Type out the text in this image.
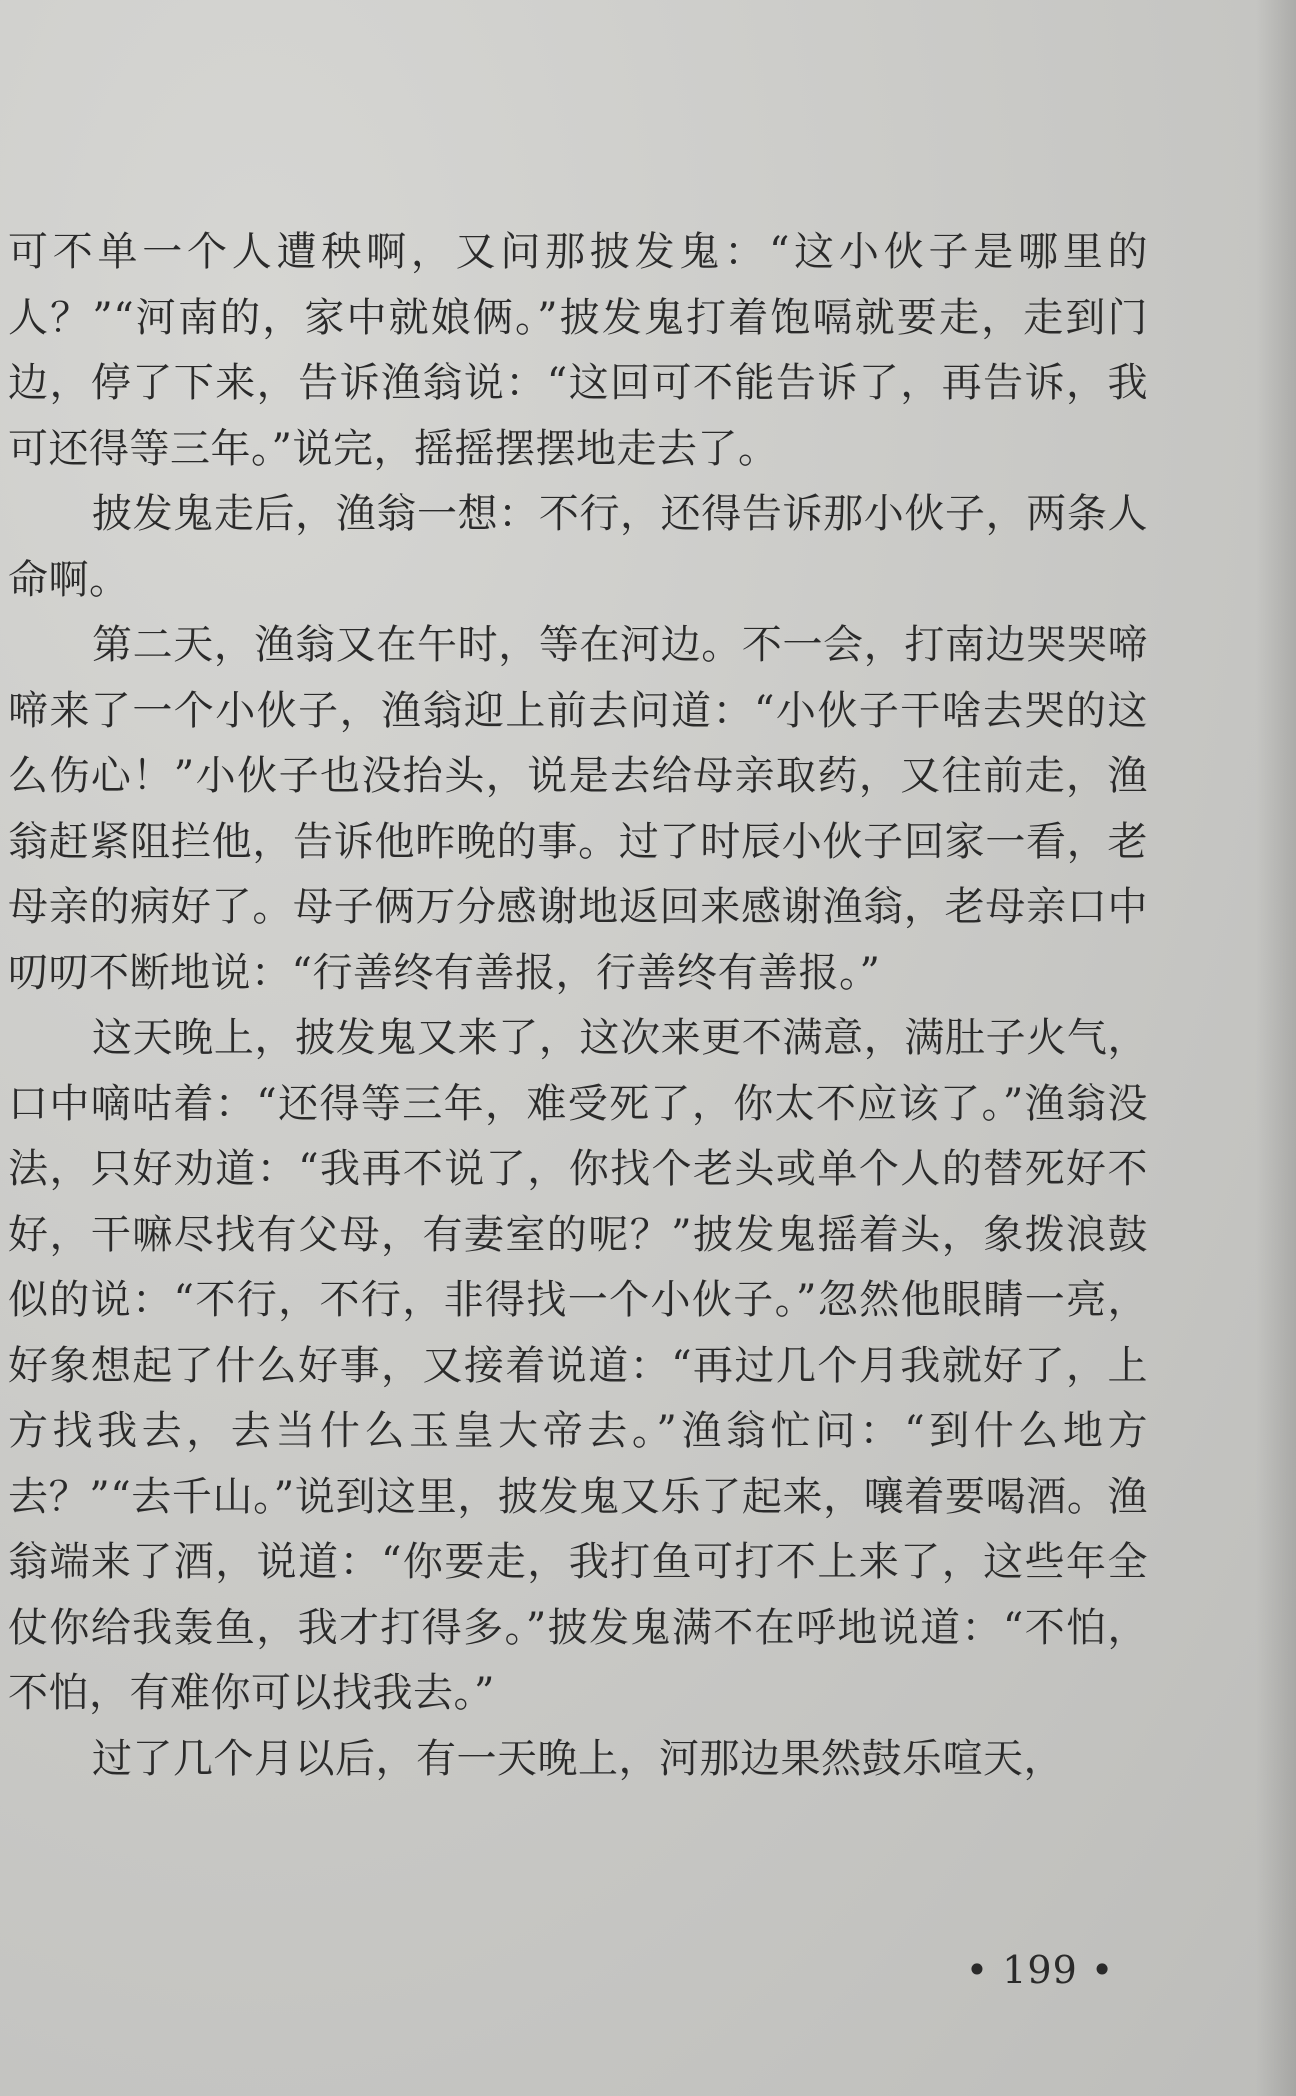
可不单一个人遭秧啊，又问那披发鬼：“这小伙子是哪里的人？”“河南的，家中就娘俩。”披发鬼打着饱嗝就要走，走到门边，停了下来，告诉渔翁说：“这回可不能告诉了，再告诉，我可还得等三年。”说完，摇摇摆摆地走去了。

披发鬼走后，渔翁一想：不行，还得告诉那小伙子，两条人命啊。

第二天，渔翁又在午时，等在河边。不一会，打南边哭哭啼啼来了一个小伙子，渔翁迎上前去问道：“小伙子干啥去哭的这么伤心！”小伙子也没抬头，说是去给母亲取药，又往前走，渔翁赶紧阻拦他，告诉他昨晚的事。过了时辰小伙子回家一看，老母亲的病好了。母子俩万分感谢地返回来感谢渔翁，老母亲口中叨叨不断地说：“行善终有善报，行善终有善报。”

这天晚上，披发鬼又来了，这次来更不满意，满肚子火气，口中嘀咕着：“还得等三年，难受死了，你太不应该了。”渔翁没法，只好劝道：“我再不说了，你找个老头或单个人的替死好不好，干嘛尽找有父母，有妻室的呢？”披发鬼摇着头，象拨浪鼓似的说：“不行，不行，非得找一个小伙子。”忽然他眼睛一亮，好象想起了什么好事，又接着说道：“再过几个月我就好了，上方找我去，去当什么玉皇大帝去。”渔翁忙问：“到什么地方去？”“去千山。”说到这里，披发鬼又乐了起来，嚷着要喝酒。渔翁端来了酒，说道：“你要走，我打鱼可打不上来了，这些年全仗你给我轰鱼，我才打得多。”披发鬼满不在呼地说道：“不怕，不怕，有难你可以找我去。”

过了几个月以后，有一天晚上，河那边果然鼓乐喧天，

• 199 •
